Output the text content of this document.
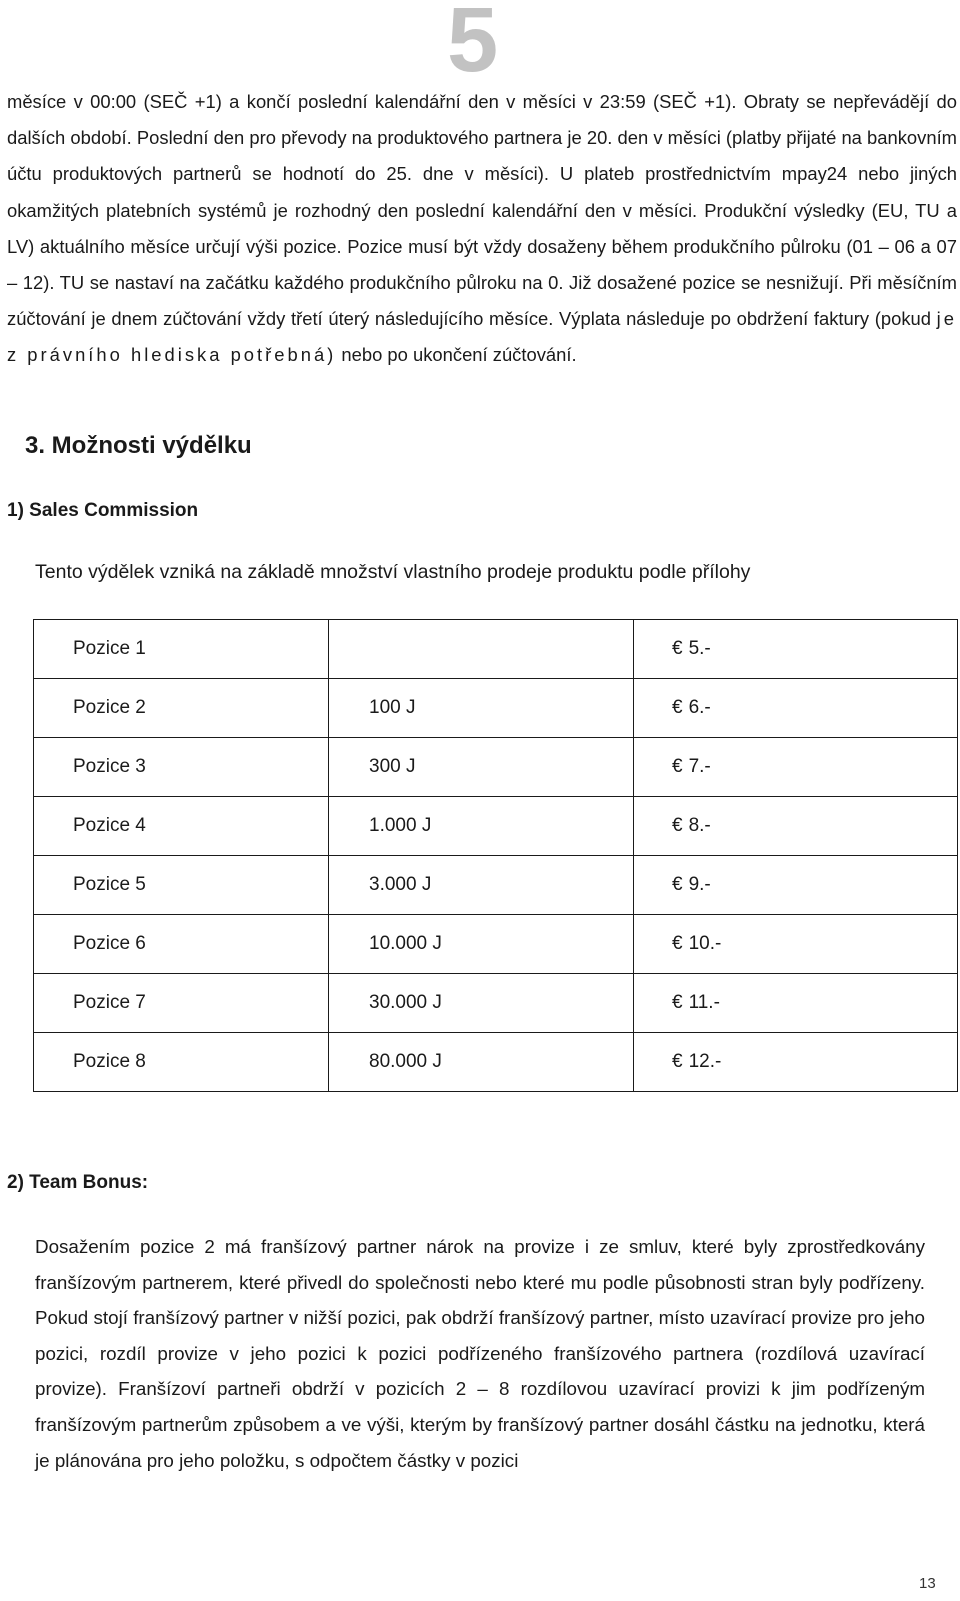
5

měsíce v 00:00 (SEČ +1) a končí poslední kalendářní den v měsíci v 23:59 (SEČ +1). Obraty se nepřevádějí do dalších období. Poslední den pro převody na produktového partnera je 20. den v měsíci (platby přijaté na bankovním účtu produktových partnerů se hodnotí do 25. dne v měsíci). U plateb prostřednictvím mpay24 nebo jiných okamžitých platebních systémů je rozhodný den poslední kalendářní den v měsíci. Produkční výsledky (EU, TU a LV) aktuálního měsíce určují výši pozice. Pozice musí být vždy dosaženy během produkčního půlroku (01 – 06 a 07 – 12). TU se nastaví na začátku každého produkčního půlroku na 0. Již dosažené pozice se nesnižují. Při měsíčním zúčtování je dnem zúčtování vždy třetí úterý následujícího měsíce. Výplata následuje po obdržení faktury (pokud je z právního hlediska potřebná) nebo po ukončení zúčtování.

3. Možnosti výdělku
1) Sales Commission

Tento výdělek vzniká na základě množství vlastního prodeje produktu podle přílohy

Pozice 1		€ 5.-
Pozice 2	100 J	€ 6.-
Pozice 3	300 J	€ 7.-
Pozice 4	1.000 J	€ 8.-
Pozice 5	3.000 J	€ 9.-
Pozice 6	10.000 J	€ 10.-
Pozice 7	30.000 J	€ 11.-
Pozice 8	80.000 J	€ 12.-
2) Team Bonus:

Dosažením pozice 2 má franšízový partner nárok na provize i ze smluv, které byly zprostředkovány franšízovým partnerem, které přivedl do společnosti nebo které mu podle působnosti stran byly podřízeny. Pokud stojí franšízový partner v nižší pozici, pak obdrží franšízový partner, místo uzavírací provize pro jeho pozici, rozdíl provize v jeho pozici k pozici podřízeného franšízového partnera (rozdílová uzavírací provize). Franšízoví partneři obdrží v pozicích 2 – 8 rozdílovou uzavírací provizi k jim podřízeným franšízovým partnerům způsobem a ve výši, kterým by franšízový partner dosáhl částku na jednotku, která je plánována pro jeho položku, s odpočtem částky v pozici

13
